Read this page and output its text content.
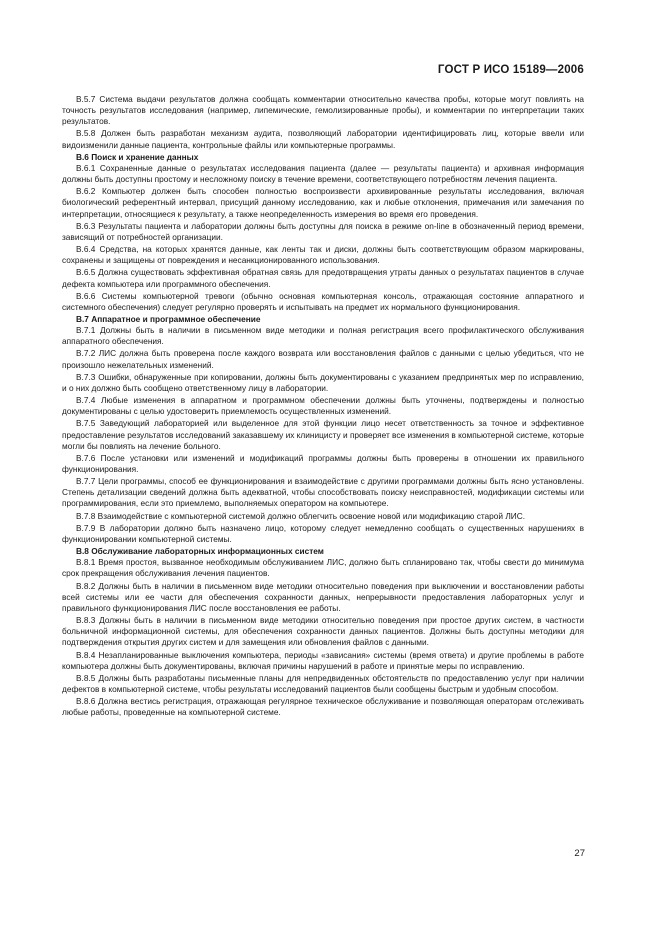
ГОСТ Р ИСО 15189—2006

B.5.7 Система выдачи результатов должна сообщать комментарии относительно качества пробы, которые могут повлиять на точность результатов исследования (например, липемические, гемолизированные пробы), и комментарии по интерпретации таких результатов.

B.5.8 Должен быть разработан механизм аудита, позволяющий лаборатории идентифицировать лиц, которые ввели или видоизменили данные пациента, контрольные файлы или компьютерные программы.

B.6 Поиск и хранение данных

B.6.1 Сохраненные данные о результатах исследования пациента (далее — результаты пациента) и архивная информация должны быть доступны простому и несложному поиску в течение времени, соответствующего потребностям лечения пациента.

B.6.2 Компьютер должен быть способен полностью воспроизвести архивированные результаты исследования, включая биологический референтный интервал, присущий данному исследованию, как и любые отклонения, примечания или замечания по интерпретации, относящиеся к результату, а также неопределенность измерения во время его проведения.

B.6.3 Результаты пациента и лаборатории должны быть доступны для поиска в режиме on-line в обозначенный период времени, зависящий от потребностей организации.

B.6.4 Средства, на которых хранятся данные, как ленты так и диски, должны быть соответствующим образом маркированы, сохранены и защищены от повреждения и несанкционированного использования.

B.6.5 Должна существовать эффективная обратная связь для предотвращения утраты данных о результатах пациентов в случае дефекта компьютера или программного обеспечения.

B.6.6 Системы компьютерной тревоги (обычно основная компьютерная консоль, отражающая состояние аппаратного и системного обеспечения) следует регулярно проверять и испытывать на предмет их нормального функционирования.

B.7 Аппаратное и программное обеспечение

B.7.1 Должны быть в наличии в письменном виде методики и полная регистрация всего профилактического обслуживания аппаратного обеспечения.

B.7.2 ЛИС должна быть проверена после каждого возврата или восстановления файлов с данными с целью убедиться, что не произошло нежелательных изменений.

B.7.3 Ошибки, обнаруженные при копировании, должны быть документированы с указанием предпринятых мер по исправлению, и о них должно быть сообщено ответственному лицу в лаборатории.

B.7.4 Любые изменения в аппаратном и программном обеспечении должны быть уточнены, подтверждены и полностью документированы с целью удостоверить приемлемость осуществленных изменений.

B.7.5 Заведующий лабораторией или выделенное для этой функции лицо несет ответственность за точное и эффективное предоставление результатов исследований заказавшему их клиницисту и проверяет все изменения в компьютерной системе, которые могли бы повлиять на лечение больного.

B.7.6 После установки или изменений и модификаций программы должны быть проверены в отношении их правильного функционирования.

B.7.7 Цели программы, способ ее функционирования и взаимодействие с другими программами должны быть ясно установлены. Степень детализации сведений должна быть адекватной, чтобы способствовать поиску неисправностей, модификации системы или программирования, если это приемлемо, выполняемых оператором на компьютере.

B.7.8 Взаимодействие с компьютерной системой должно облегчить освоение новой или модификацию старой ЛИС.

B.7.9 В лаборатории должно быть назначено лицо, которому следует немедленно сообщать о существенных нарушениях в функционировании компьютерной системы.

B.8 Обслуживание лабораторных информационных систем

B.8.1 Время простоя, вызванное необходимым обслуживанием ЛИС, должно быть спланировано так, чтобы свести до минимума срок прекращения обслуживания лечения пациентов.

B.8.2 Должны быть в наличии в письменном виде методики относительно поведения при выключении и восстановлении работы всей системы или ее части для обеспечения сохранности данных, непрерывности предоставления лабораторных услуг и правильного функционирования ЛИС после восстановления ее работы.

B.8.3 Должны быть в наличии в письменном виде методики относительно поведения при простое других систем, в частности больничной информационной системы, для обеспечения сохранности данных пациентов. Должны быть доступны методики для подтверждения открытия других систем и для замещения или обновления файлов с данными.

B.8.4 Незапланированные выключения компьютера, периоды «зависания» системы (время ответа) и другие проблемы в работе компьютера должны быть документированы, включая причины нарушений в работе и принятые меры по исправлению.

B.8.5 Должны быть разработаны письменные планы для непредвиденных обстоятельств по предоставлению услуг при наличии дефектов в компьютерной системе, чтобы результаты исследований пациентов были сообщены быстрым и удобным способом.

B.8.6 Должна вестись регистрация, отражающая регулярное техническое обслуживание и позволяющая операторам отслеживать любые работы, проведенные на компьютерной системе.

27
